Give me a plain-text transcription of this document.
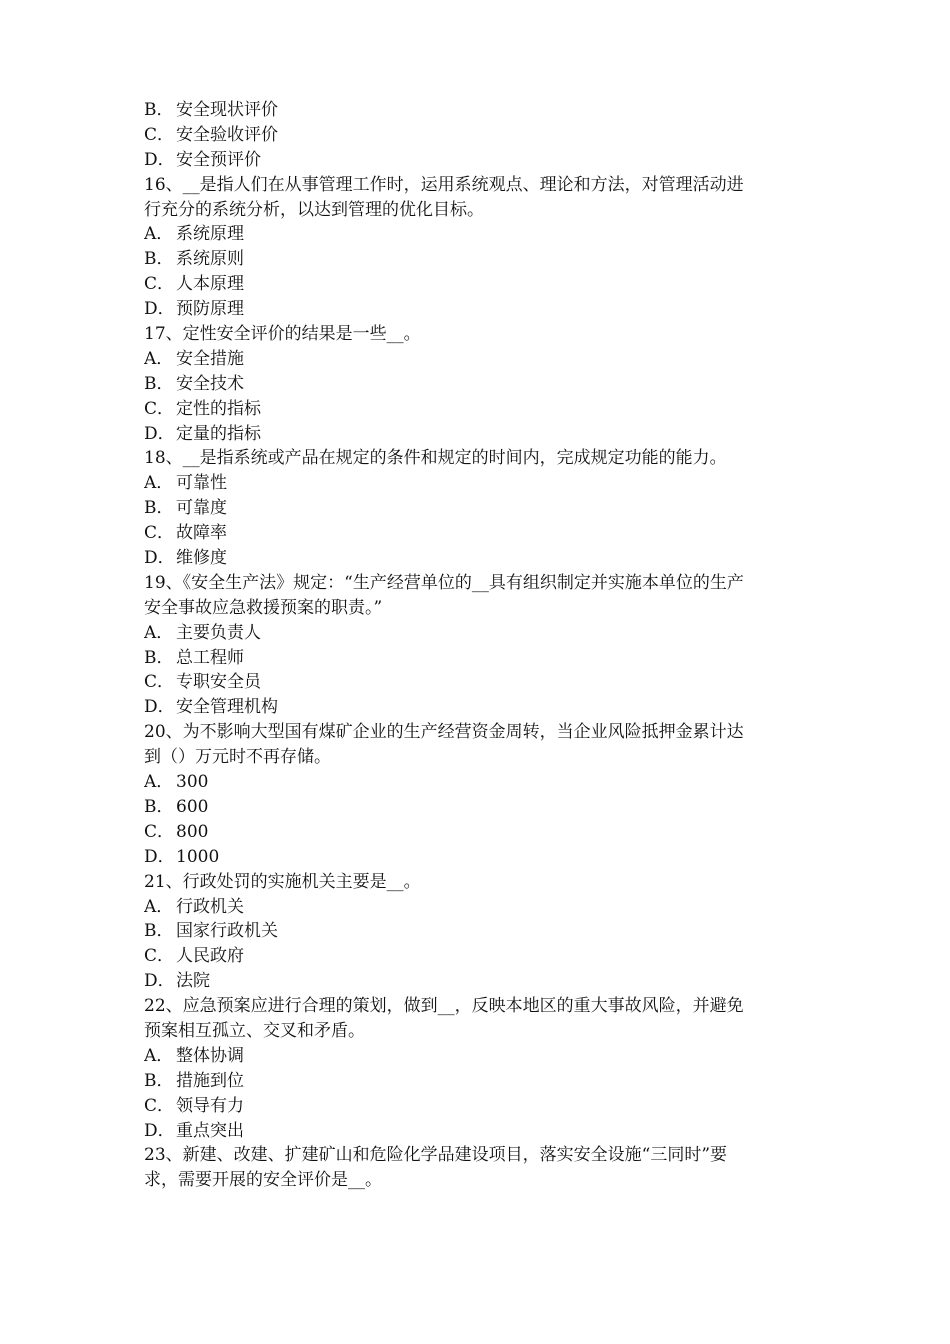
B． 安全现状评价
C． 安全验收评价
D．安全预评价
16、__是指人们在从事管理工作时，运用系统观点、理论和方法，对管理活动进
行充分的系统分析，以达到管理的优化目标。
A． 系统原理
B． 系统原则
C． 人本原理
D．预防原理
17、定性安全评价的结果是一些__。
A． 安全措施
B． 安全技术
C． 定性的指标
D．定量的指标
18、__是指系统或产品在规定的条件和规定的时间内，完成规定功能的能力。
A． 可靠性
B． 可靠度
C． 故障率
D．维修度
19、《安全生产法》规定：“生产经营单位的__具有组织制定并实施本单位的生产
安全事故应急救援预案的职责。”
A． 主要负责人
B． 总工程师
C． 专职安全员
D．安全管理机构
20、为不影响大型国有煤矿企业的生产经营资金周转，当企业风险抵押金累计达
到（）万元时不再存储。
A． 300
B． 600
C． 800
D．1000
21、行政处罚的实施机关主要是__。
A． 行政机关
B． 国家行政机关
C． 人民政府
D．法院
22、应急预案应进行合理的策划，做到__，反映本地区的重大事故风险，并避免
预案相互孤立、交叉和矛盾。
A． 整体协调
B． 措施到位
C． 领导有力
D．重点突出
23、新建、改建、扩建矿山和危险化学品建设项目，落实安全设施“三同时”要
求，需要开展的安全评价是__。
